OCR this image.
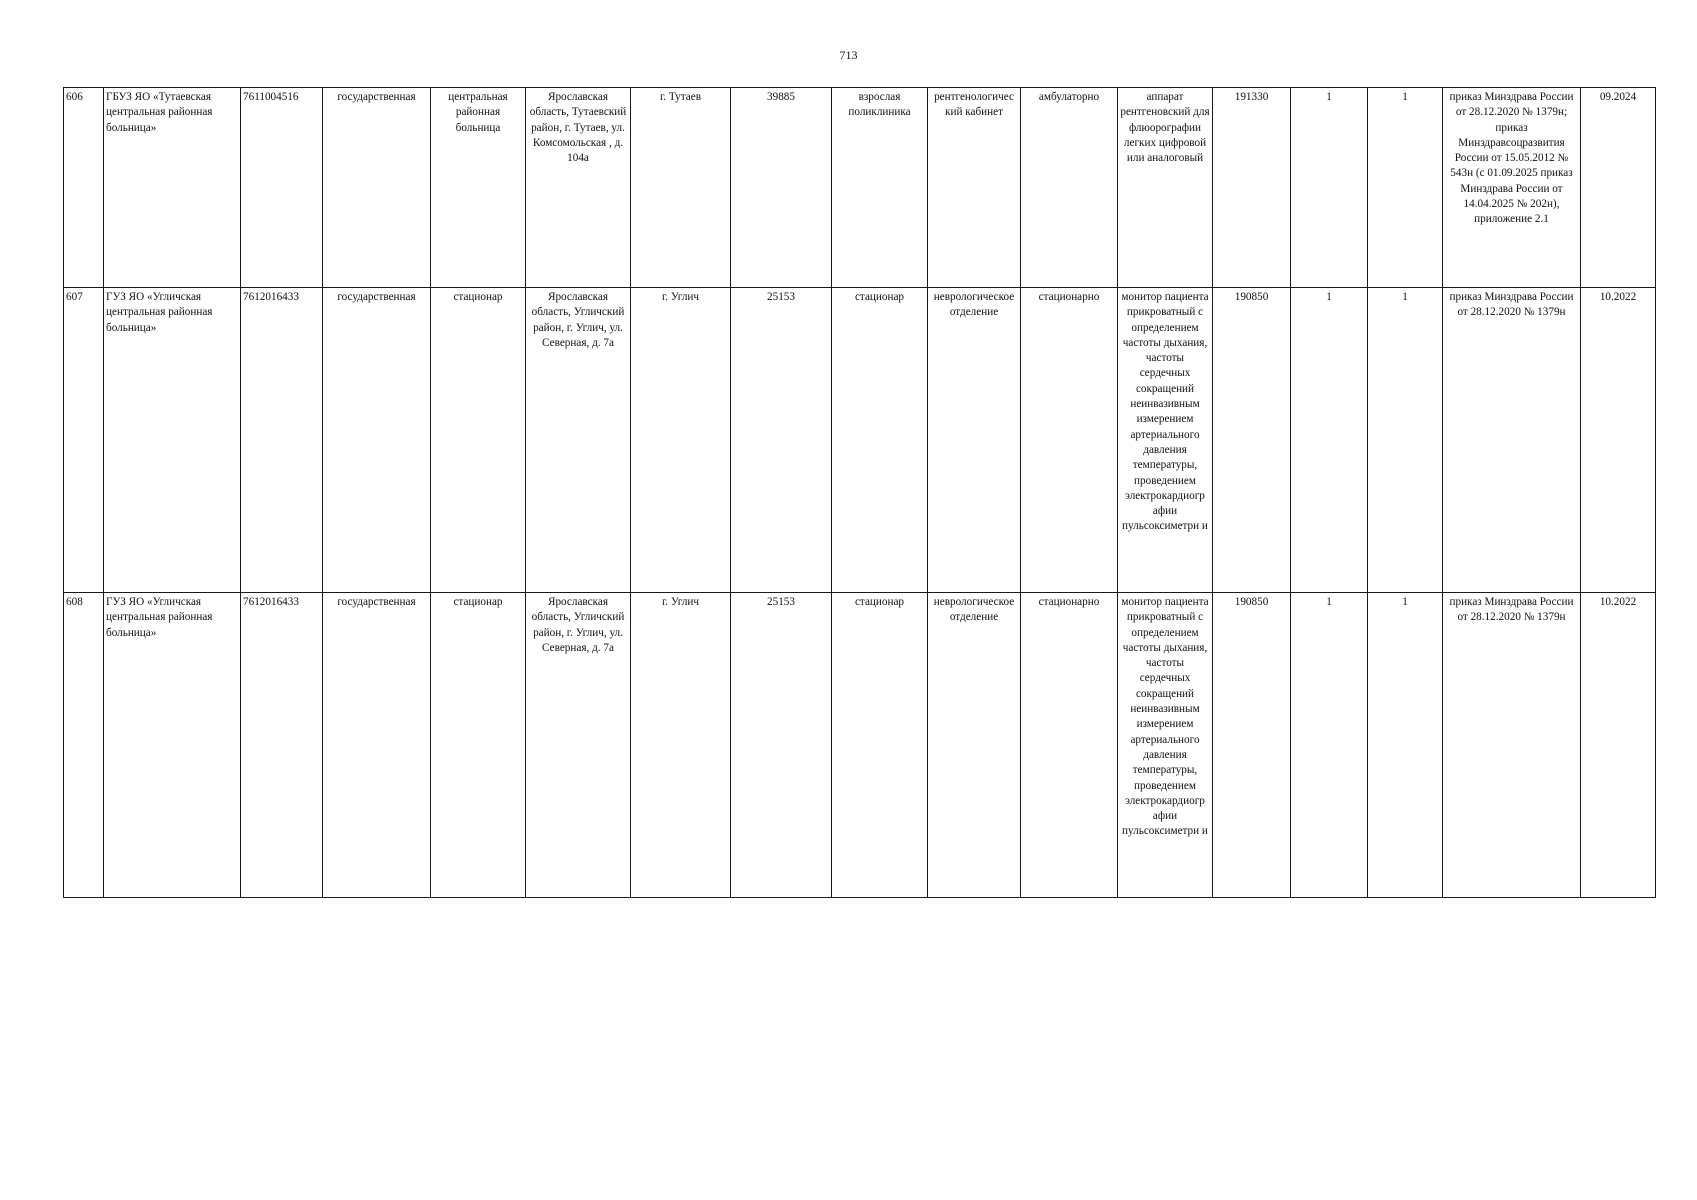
713
606	ГБУЗ ЯО «Тутаевская центральная районная больница»	7611004516	государственная	центральная районная больница	Ярославская область, Тутаевский район, г. Тутаев, ул. Комсомольская , д. 104а	г. Тутаев	39885	взрослая поликлиника	рентгенологичес кий кабинет	амбулаторно	аппарат рентгеновский для флюорографии легких цифровой или аналоговый	191330	1	1	приказ Минздрава России от 28.12.2020 № 1379н; приказ Минздравсоцразвития России от 15.05.2012 № 543н (с 01.09.2025 приказ Минздрава России от 14.04.2025 № 202н), приложение 2.1	09.2024
607	ГУЗ ЯО «Угличская центральная районная больница»	7612016433	государственная	стационар	Ярославская область, Угличский район, г. Углич, ул. Северная, д. 7а	г. Углич	25153	стационар	неврологическое отделение	стационарно	монитор пациента прикроватный с определением частоты дыхания, частоты сердечных сокращений неинвазивным измерением артериального давления температуры, проведением электрокардиогр афии пульсоксиметри и	190850	1	1	приказ Минздрава России от 28.12.2020 № 1379н	10.2022
608	ГУЗ ЯО «Угличская центральная районная больница»	7612016433	государственная	стационар	Ярославская область, Угличский район, г. Углич, ул. Северная, д. 7а	г. Углич	25153	стационар	неврологическое отделение	стационарно	монитор пациента прикроватный с определением частоты дыхания, частоты сердечных сокращений неинвазивным измерением артериального давления температуры, проведением электрокардиогр афии пульсоксиметри и	190850	1	1	приказ Минздрава России от 28.12.2020 № 1379н	10.2022
